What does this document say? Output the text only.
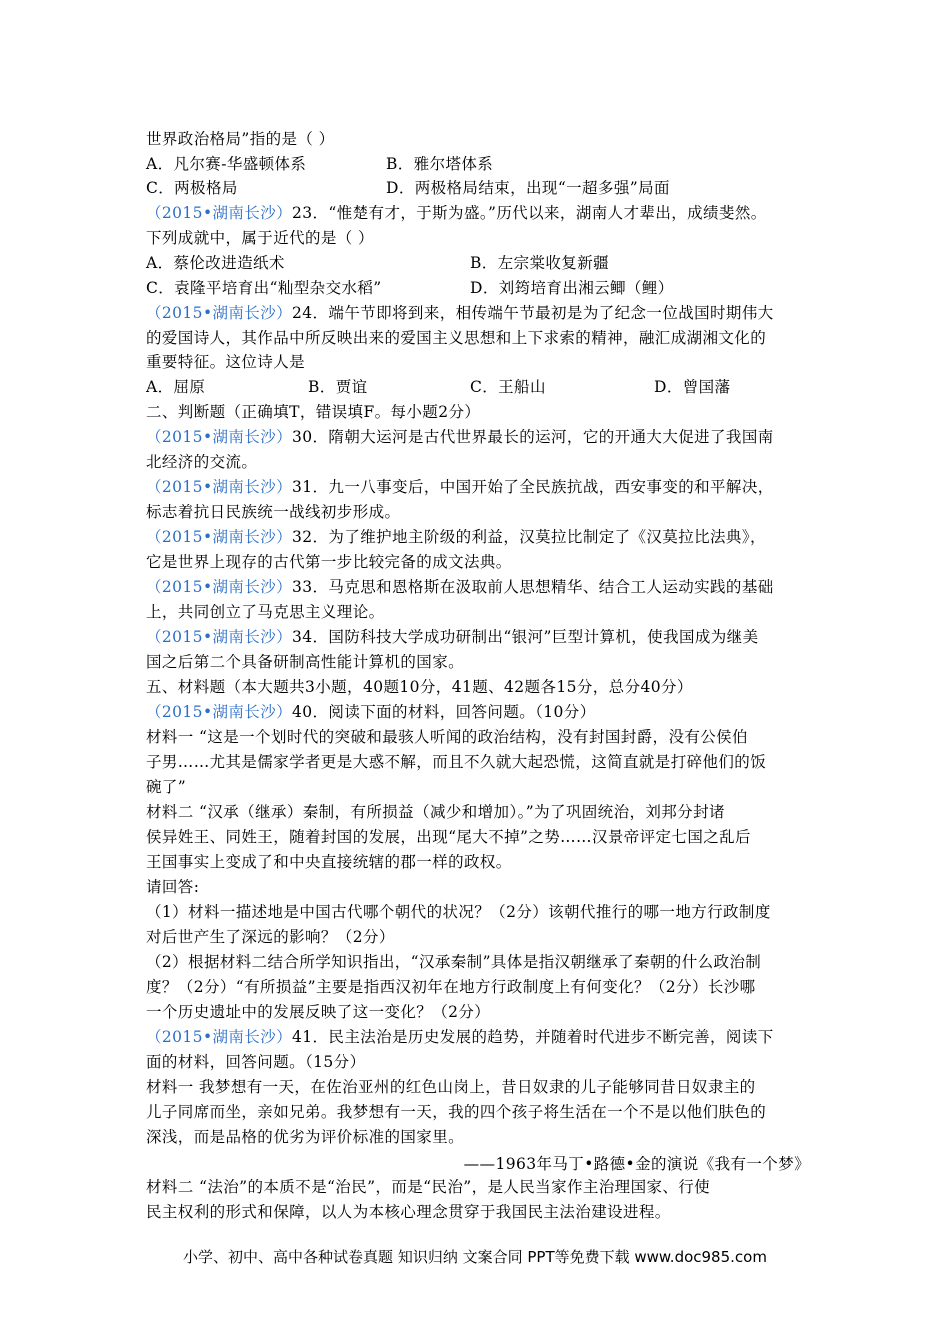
世界政治格局”指的是（ ）
A．凡尔赛-华盛顿体系	B．雅尔塔体系
C．两极格局	D．两极格局结束，出现“一超多强”局面
（2015•湖南长沙）23．“惟楚有才，于斯为盛。”历代以来，湖南人才辈出，成绩斐然。
下列成就中，属于近代的是（ ）
A．蔡伦改进造纸术	B．左宗棠收复新疆
C．袁隆平培育出“籼型杂交水稻”	D．刘筠培育出湘云鲫（鲤）
（2015•湖南长沙）24．端午节即将到来，相传端午节最初是为了纪念一位战国时期伟大
的爱国诗人，其作品中所反映出来的爱国主义思想和上下求索的精神，融汇成湖湘文化的
重要特征。这位诗人是
A．屈原	B．贾谊	C．王船山	D．曾国藩
二、判断题（正确填T，错误填F。每小题2分）
（2015•湖南长沙）30．隋朝大运河是古代世界最长的运河，它的开通大大促进了我国南
北经济的交流。
（2015•湖南长沙）31．九一八事变后，中国开始了全民族抗战，西安事变的和平解决，
标志着抗日民族统一战线初步形成。
（2015•湖南长沙）32．为了维护地主阶级的利益，汉莫拉比制定了《汉莫拉比法典》，
它是世界上现存的古代第一步比较完备的成文法典。
（2015•湖南长沙）33．马克思和恩格斯在汲取前人思想精华、结合工人运动实践的基础
上，共同创立了马克思主义理论。
（2015•湖南长沙）34．国防科技大学成功研制出“银河”巨型计算机，使我国成为继美
国之后第二个具备研制高性能计算机的国家。
五、材料题（本大题共3小题，40题10分，41题、42题各15分，总分40分）
（2015•湖南长沙）40．阅读下面的材料，回答问题。（10分）
材料一 “这是一个划时代的突破和最骇人听闻的政治结构，没有封国封爵，没有公侯伯
子男……尤其是儒家学者更是大惑不解，而且不久就大起恐慌，这简直就是打碎他们的饭
碗了”
材料二 “汉承（继承）秦制，有所损益（减少和增加）。”为了巩固统治，刘邦分封诸
侯异姓王、同姓王，随着封国的发展，出现“尾大不掉”之势……汉景帝评定七国之乱后
王国事实上变成了和中央直接统辖的郡一样的政权。
请回答:
（1）材料一描述地是中国古代哪个朝代的状况？（2分）该朝代推行的哪一地方行政制度
对后世产生了深远的影响？（2分）
（2）根据材料二结合所学知识指出，“汉承秦制”具体是指汉朝继承了秦朝的什么政治制
度？（2分）“有所损益”主要是指西汉初年在地方行政制度上有何变化？（2分）长沙哪
一个历史遗址中的发展反映了这一变化？（2分）
（2015•湖南长沙）41．民主法治是历史发展的趋势，并随着时代进步不断完善，阅读下
面的材料，回答问题。（15分）
材料一 我梦想有一天，在佐治亚州的红色山岗上，昔日奴隶的儿子能够同昔日奴隶主的
儿子同席而坐，亲如兄弟。我梦想有一天，我的四个孩子将生活在一个不是以他们肤色的
深浅，而是品格的优劣为评价标准的国家里。
——1963年马丁•路德•金的演说《我有一个梦》
材料二 “法治”的本质不是“治民”，而是“民治”，是人民当家作主治理国家、行使
民主权利的形式和保障，以人为本核心理念贯穿于我国民主法治建设进程。
小学、初中、高中各种试卷真题 知识归纳 文案合同 PPT等免费下载 www.doc985.com
